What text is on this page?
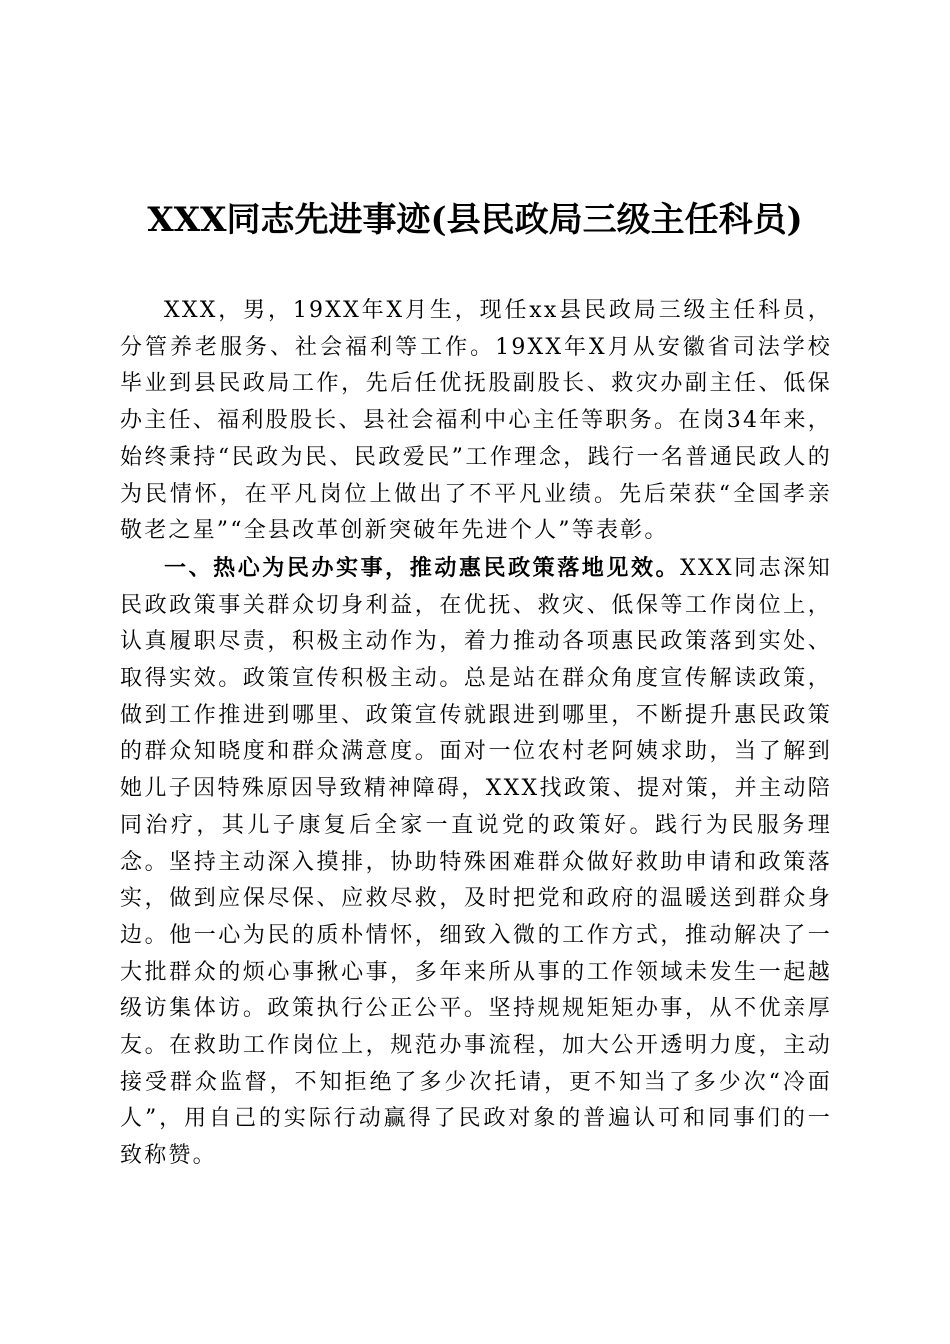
XXX同志先进事迹(县民政局三级主任科员)

XXX，男，19XX年X月生，现任xx县民政局三级主任科员，分管养老服务、社会福利等工作。19XX年X月从安徽省司法学校毕业到县民政局工作，先后任优抚股副股长、救灾办副主任、低保办主任、福利股股长、县社会福利中心主任等职务。在岗34年来，始终秉持“民政为民、民政爱民”工作理念，践行一名普通民政人的为民情怀，在平凡岗位上做出了不平凡业绩。先后荣获“全国孝亲敬老之星”“全县改革创新突破年先进个人”等表彰。

一、热心为民办实事，推动惠民政策落地见效。XXX同志深知民政政策事关群众切身利益，在优抚、救灾、低保等工作岗位上，认真履职尽责，积极主动作为，着力推动各项惠民政策落到实处、取得实效。政策宣传积极主动。总是站在群众角度宣传解读政策，做到工作推进到哪里、政策宣传就跟进到哪里，不断提升惠民政策的群众知晓度和群众满意度。面对一位农村老阿姨求助，当了解到她儿子因特殊原因导致精神障碍，XXX找政策、提对策，并主动陪同治疗，其儿子康复后全家一直说党的政策好。践行为民服务理念。坚持主动深入摸排，协助特殊困难群众做好救助申请和政策落实，做到应保尽保、应救尽救，及时把党和政府的温暖送到群众身边。他一心为民的质朴情怀，细致入微的工作方式，推动解决了一大批群众的烦心事揪心事，多年来所从事的工作领域未发生一起越级访集体访。政策执行公正公平。坚持规规矩矩办事，从不优亲厚友。在救助工作岗位上，规范办事流程，加大公开透明力度，主动接受群众监督，不知拒绝了多少次托请，更不知当了多少次“冷面人”，用自己的实际行动赢得了民政对象的普遍认可和同事们的一致称赞。
